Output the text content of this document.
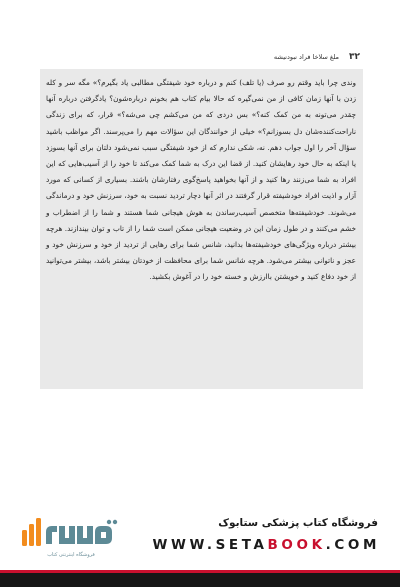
۳۲
ملغ سلاخا فراد نبودنیشه

وندی چرا باید وقتم رو صرف (یا تلف) کنم و درباره خود شیفتگی مطالبی یاد بگیرم؟» مگه سر و کله زدن با آنها زمان کافی از من نمی‌گیره که حالا بیام کتاب هم بخونم درباره‌شون؟ یادگرفتن درباره آنها چقدر می‌تونه به من کمک کنه؟» بس دردی که من می‌کشم چی می‌شه؟» قرار، که برای زندگی ناراحت‌کننده‌شان دل بسوزانم؟» خیلی از خوانندگان این سؤالات مهم را می‌پرسند. اگر مواظب باشید سؤال آخر را اول جواب دهم. نه، شکی ندارم که از خود شیفتگی سبب نمی‌شود دلتان برای آنها بسوزد یا اینکه به حال خود رهایشان کنید. از قضا این درک به شما کمک می‌کند تا خود را از آسیب‌هایی که این افراد به شما می‌زنند رها کنید و از آنها بخواهید پاسخ‌گوی رفتارشان باشند. بسیاری از کسانی که مورد آزار و اذیت افراد خودشیفته قرار گرفتند در اثر آنها دچار تردید نسبت به خود، سرزنش خود و درماندگی می‌شوند. خودشیفته‌ها متخصص آسیب‌رساندن به هوش هیجانی شما هستند و شما را از اضطراب و خشم می‌کنند و در طول زمان این در وضعیت هیجانی ممکن است شما را از تاب و توان بیندازند. هرچه بیشتر درباره ویژگی‌های خودشیفته‌ها بدانید، شانس شما برای رهایی از تردید از خود و سرزنش خود و عجز و ناتوانی بیشتر می‌شود. هرچه شانس شما برای محافظت از خودتان بیشتر باشد، بیشتر می‌توانید از خود دفاع کنید و خویشتن باارزش و خسته خود را در آغوش بکشید.

فروشگاه اینترنتی کتاب
فروشگاه کتاب پزشکی ستابوک
WWW.SETABOOK.COM
